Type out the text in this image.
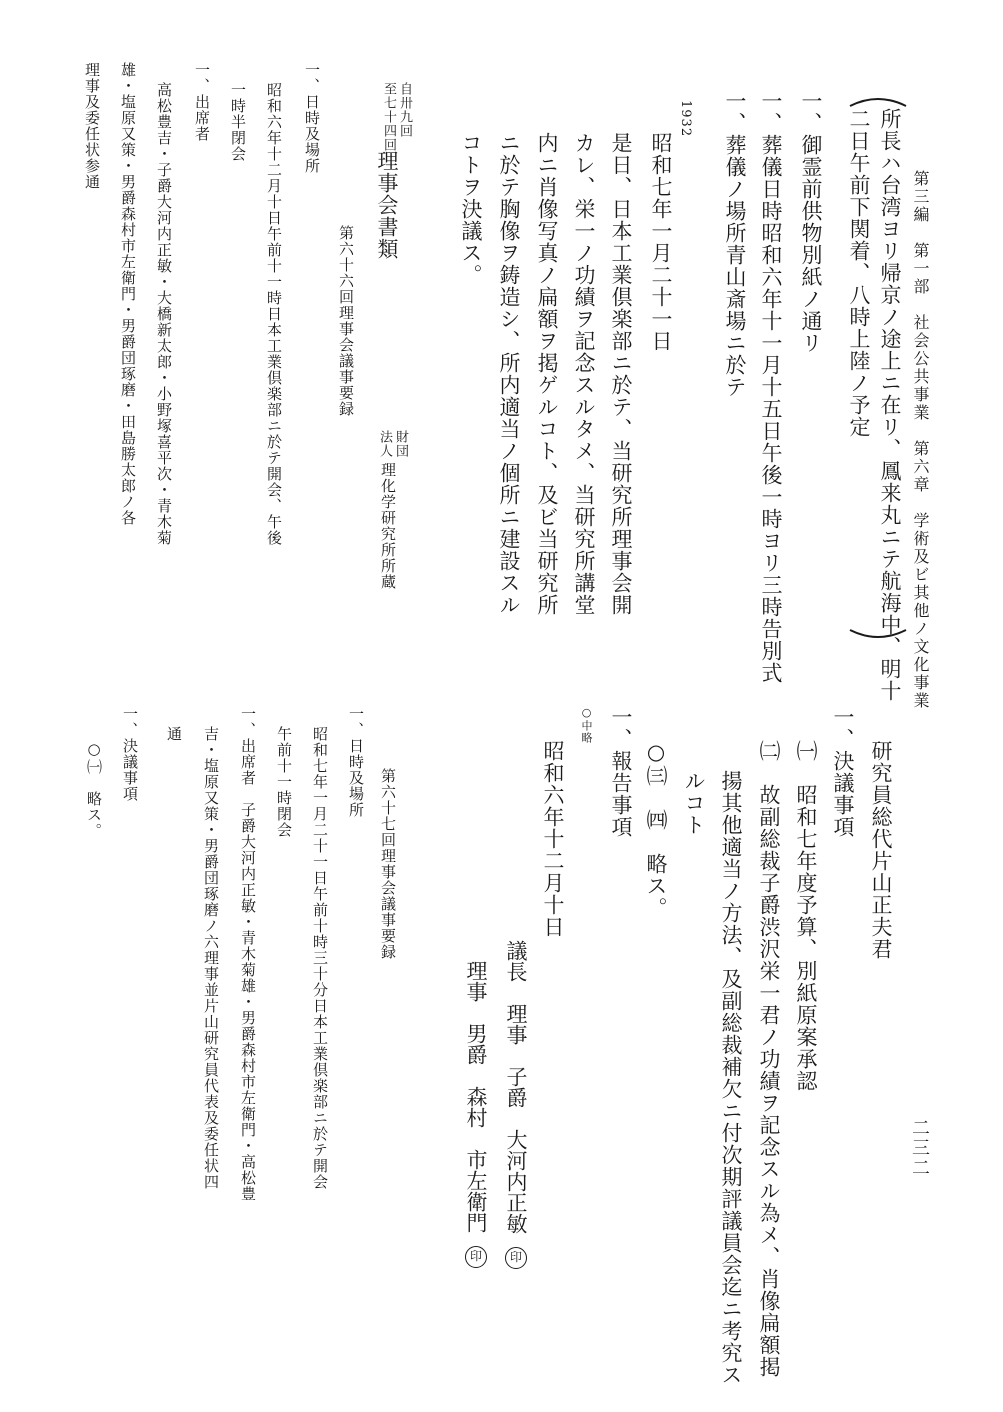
第三編　第一部　社会公共事業　第六章　学術及ビ其他ノ文化事業
二三二
所長ハ台湾ヨリ帰京ノ途上ニ在リ、鳳来丸ニテ航海中、明十
二日午前下関着、八時上陸ノ予定
一、御霊前供物別紙ノ通リ
一、葬儀日時昭和六年十一月十五日午後一時ヨリ三時告別式
一、葬儀ノ場所青山斎場ニ於テ
1932
昭和七年一月二十一日
是日、日本工業倶楽部ニ於テ、当研究所理事会開
カレ、栄一ノ功績ヲ記念スルタメ、当研究所講堂
内ニ肖像写真ノ扁額ヲ掲ゲルコト、及ビ当研究所
ニ於テ胸像ヲ鋳造シ、所内適当ノ個所ニ建設スル
コトヲ決議ス。
自卅九回
至七十四回
理事会書類
第六十六回理事会議事要録
財団
法人
理化学研究所所蔵
一、日時及場所
昭和六年十二月十日午前十一時日本工業倶楽部ニ於テ開会、午後
一時半閉会
一、出席者
高松豊吉・子爵大河内正敏・大橋新太郎・小野塚喜平次・青木菊
雄・塩原又策・男爵森村市左衛門・男爵団琢磨・田島勝太郎ノ各
理事及委任状参通
研究員総代片山正夫君
一、決議事項
㈠　昭和七年度予算、別紙原案承認
㈡　故副総裁子爵渋沢栄一君ノ功績ヲ記念スル為メ、肖像扁額掲
揚其他適当ノ方法、及副総裁補欠ニ付次期評議員会迄ニ考究ス
ルコト
○㈢　㈣　略ス。
一、報告事項
○中略
昭和六年十二月十日
議長　理事　子爵　大河内正敏 印
理事　男爵　森村　市左衛門 印
第六十七回理事会議事要録
一、日時及場所
昭和七年一月二十一日午前十時三十分日本工業倶楽部ニ於テ開会
午前十一時閉会
一、出席者　子爵大河内正敏・青木菊雄・男爵森村市左衛門・高松豊
吉・塩原又策・男爵団琢磨ノ六理事並片山研究員代表及委任状四
通
一、決議事項
○㈠　略ス。
